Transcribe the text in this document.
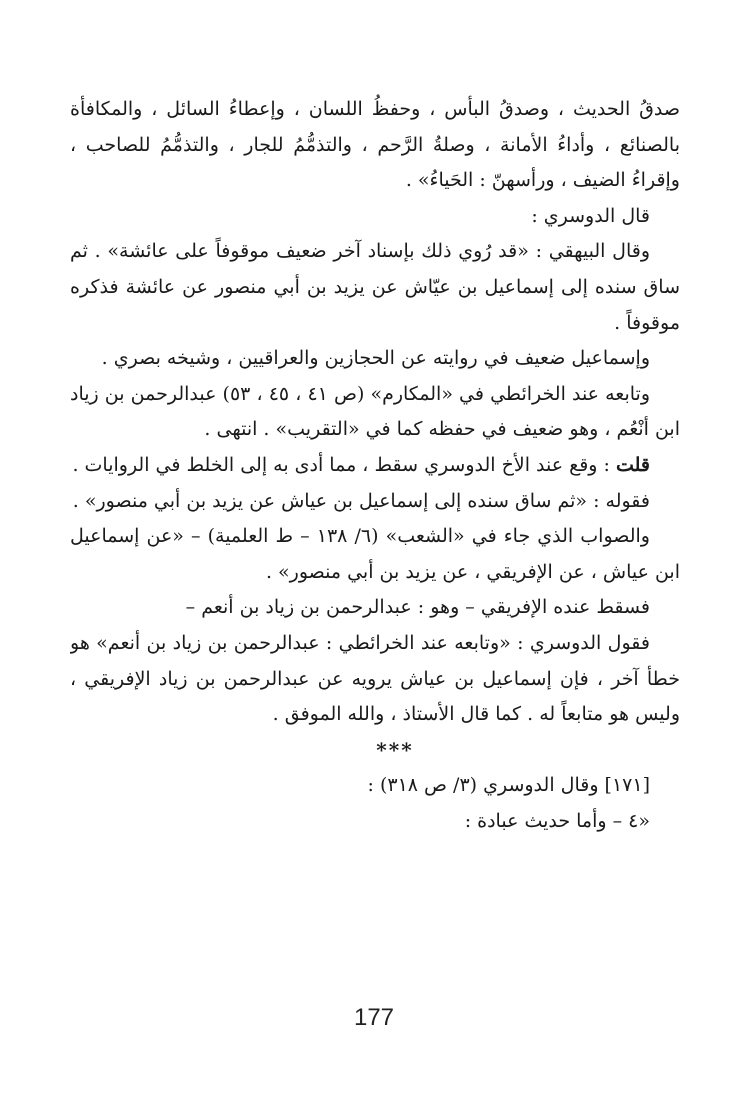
صدقُ الحديث ، وصدقُ البأس ، وحفظُ اللسان ، وإعطاءُ السائل ، والمكافأة
بالصنائع ، وأداءُ الأمانة ، وصلةُ الرَّحم ، والتذمُّمُ للجار ، والتذمُّمُ للصاحب ،
وإقراءُ الضيف ، ورأسهنّ : الحَياءُ» .
قال الدوسري :
وقال البيهقي : «قد رُوي ذلك بإسناد آخر ضعيف موقوفاً على عائشة» . ثم
ساق سنده إلى إسماعيل بن عيّاش عن يزيد بن أبي منصور عن عائشة فذكره
موقوفاً .
وإسماعيل ضعيف في روايته عن الحجازين والعراقيين ، وشيخه بصري .
وتابعه عند الخرائطي في «المكارم» (ص ٤١ ، ٤٥ ، ٥٣) عبدالرحمن بن زياد
ابن أنْعُم ، وهو ضعيف في حفظه كما في «التقريب» . انتهى .
قلت : وقع عند الأخ الدوسري سقط ، مما أدى به إلى الخلط في الروايات .
فقوله : «ثم ساق سنده إلى إسماعيل بن عياش عن يزيد بن أبي منصور» .
والصواب الذي جاء في «الشعب» (٦/ ١٣٨ – ط العلمية) – «عن إسماعيل
ابن عياش ، عن الإفريقي ، عن يزيد بن أبي منصور» .
فسقط عنده الإفريقي – وهو : عبدالرحمن بن زياد بن أنعم –
فقول الدوسري : «وتابعه عند الخرائطي : عبدالرحمن بن زياد بن أنعم» هو
خطأ آخر ، فإن إسماعيل بن عياش يرويه عن عبدالرحمن بن زياد الإفريقي ،
وليس هو متابعاً له . كما قال الأستاذ ، والله الموفق .
***
[١٧١] وقال الدوسري (٣/ ص ٣١٨) :
«٤ – وأما حديث عبادة :
177
